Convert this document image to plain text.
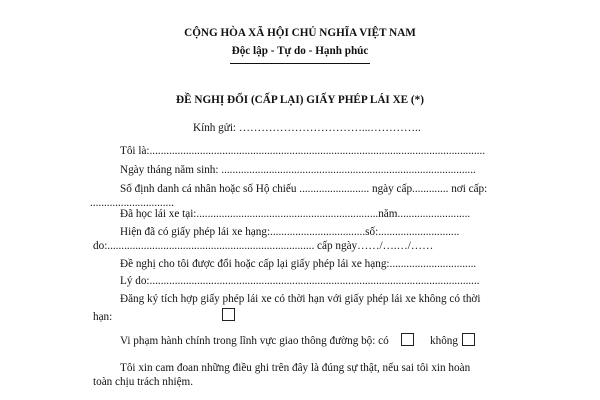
CỘNG HÒA XÃ HỘI CHỦ NGHĨA VIỆT NAM
Độc lập - Tự do - Hạnh phúc
ĐỀ NGHỊ ĐỔI (CẤP LẠI) GIẤY PHÉP LÁI XE (*)
Kính gửi: ……………………………...…………..
Tôi là:........................................................................................................................
Ngày tháng năm sinh: ...........................................................................................
Số định danh cá nhân hoặc số Hộ chiếu ......................... ngày cấp............. nơi cấp:
..............................
Đã học lái xe tại:.................................................................năm..........................
Hiện đã có giấy phép lái xe hạng:..................................số:.............................
do:.......................................................................... cấp ngày……/….…/……
Đề nghị cho tôi được đổi hoặc cấp lại giấy phép lái xe hạng:...............................
Lý do:......................................................................................................................
Đăng ký tích hợp giấy phép lái xe có thời hạn với giấy phép lái xe không có thời
hạn:
Vi phạm hành chính trong lĩnh vực giao thông đường bộ: có	không
Tôi xin cam đoan những điều ghi trên đây là đúng sự thật, nếu sai tôi xin hoàn
toàn chịu trách nhiệm.
